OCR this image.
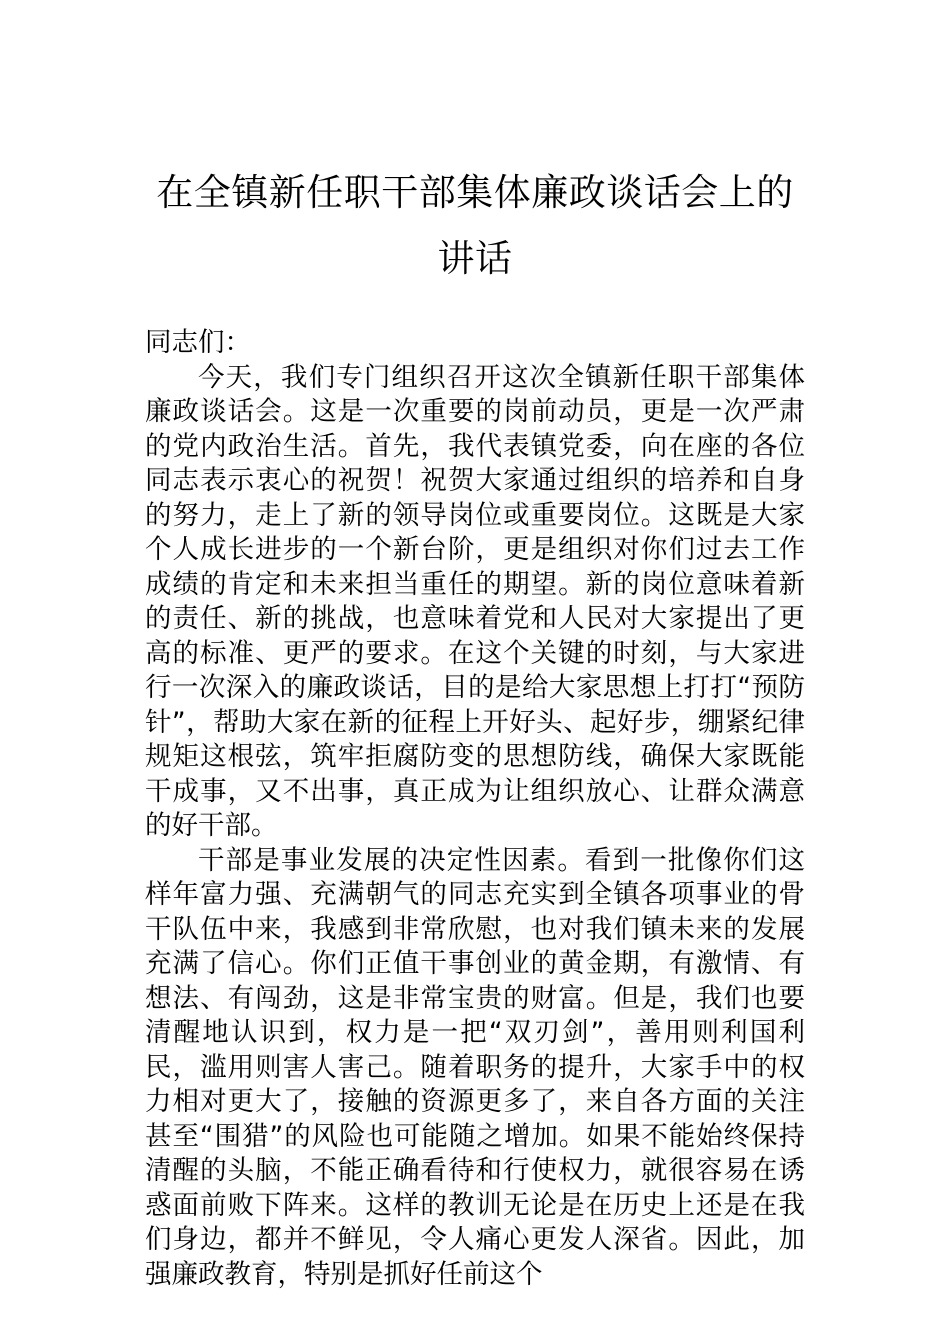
在全镇新任职干部集体廉政谈话会上的讲话

同志们：

今天，我们专门组织召开这次全镇新任职干部集体廉政谈话会。这是一次重要的岗前动员，更是一次严肃的党内政治生活。首先，我代表镇党委，向在座的各位同志表示衷心的祝贺！祝贺大家通过组织的培养和自身的努力，走上了新的领导岗位或重要岗位。这既是大家个人成长进步的一个新台阶，更是组织对你们过去工作成绩的肯定和未来担当重任的期望。新的岗位意味着新的责任、新的挑战，也意味着党和人民对大家提出了更高的标准、更严的要求。在这个关键的时刻，与大家进行一次深入的廉政谈话，目的是给大家思想上打打“预防针”，帮助大家在新的征程上开好头、起好步，绷紧纪律规矩这根弦，筑牢拒腐防变的思想防线，确保大家既能干成事，又不出事，真正成为让组织放心、让群众满意的好干部。

干部是事业发展的决定性因素。看到一批像你们这样年富力强、充满朝气的同志充实到全镇各项事业的骨干队伍中来，我感到非常欣慰，也对我们镇未来的发展充满了信心。你们正值干事创业的黄金期，有激情、有想法、有闯劲，这是非常宝贵的财富。但是，我们也要清醒地认识到，权力是一把“双刃剑”，善用则利国利民，滥用则害人害己。随着职务的提升，大家手中的权力相对更大了，接触的资源更多了，来自各方面的关注甚至“围猎”的风险也可能随之增加。如果不能始终保持清醒的头脑，不能正确看待和行使权力，就很容易在诱惑面前败下阵来。这样的教训无论是在历史上还是在我们身边，都并不鲜见，令人痛心更发人深省。因此，加强廉政教育，特别是抓好任前这个
